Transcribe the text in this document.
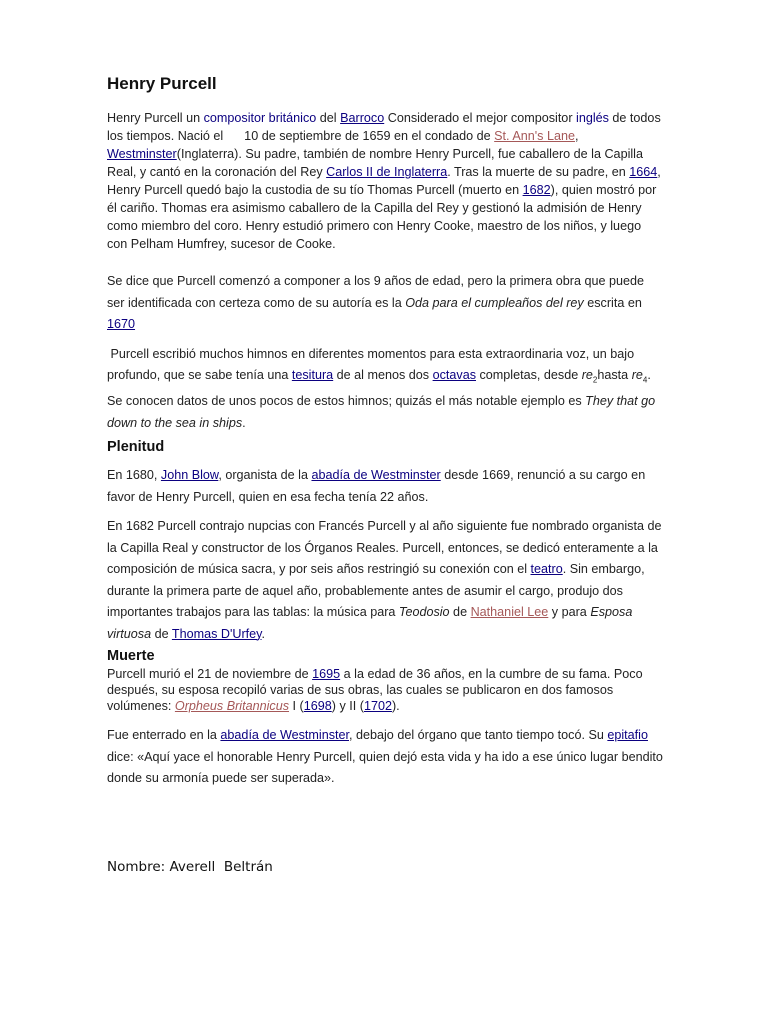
Henry Purcell

Henry Purcell un compositor británico del Barroco Considerado el mejor compositor inglés de todos los tiempos. Nació el      10 de septiembre de 1659 en el condado de St. Ann's Lane, Westminster(Inglaterra). Su padre, también de nombre Henry Purcell, fue caballero de la Capilla Real, y cantó en la coronación del Rey Carlos II de Inglaterra. Tras la muerte de su padre, en 1664, Henry Purcell quedó bajo la custodia de su tío Thomas Purcell (muerto en 1682), quien mostró por él cariño. Thomas era asimismo caballero de la Capilla del Rey y gestionó la admisión de Henry como miembro del coro. Henry estudió primero con Henry Cooke, maestro de los niños, y luego con Pelham Humfrey, sucesor de Cooke.

Se dice que Purcell comenzó a componer a los 9 años de edad, pero la primera obra que puede ser identificada con certeza como de su autoría es la Oda para el cumpleaños del rey escrita en 1670

Purcell escribió muchos himnos en diferentes momentos para esta extraordinaria voz, un bajo profundo, que se sabe tenía una tesitura de al menos dos octavas completas, desde $re_2hasta$ $re_4$. Se conocen datos de unos pocos de estos himnos; quizás el más notable ejemplo es They that go down to the sea in ships.

Plenitud

En 1680, John Blow, organista de la abadía de Westminster desde 1669, renunció a su cargo en favor de Henry Purcell, quien en esa fecha tenía 22 años.

En 1682 Purcell contrajo nupcias con Francés Purcell y al año siguiente fue nombrado organista de la Capilla Real y constructor de los Órganos Reales. Purcell, entonces, se dedicó enteramente a la composición de música sacra, y por seis años restringió su conexión con el teatro. Sin embargo, durante la primera parte de aquel año, probablemente antes de asumir el cargo, produjo dos importantes trabajos para las tablas: la música para Teodosio de Nathaniel Lee y para Esposa virtuosa de Thomas D'Urfey.

Muerte

Purcell murió el 21 de noviembre de 1695 a la edad de 36 años, en la cumbre de su fama. Poco después, su esposa recopiló varias de sus obras, las cuales se publicaron en dos famosos volúmenes: Orpheus Britannicus I (1698) y II (1702).

Fue enterrado en la abadía de Westminster, debajo del órgano que tanto tiempo tocó. Su epitafio dice: «Aquí yace el honorable Henry Purcell, quien dejó esta vida y ha ido a ese único lugar bendito donde su armonía puede ser superada».

Nombre: Averell  Beltrán
